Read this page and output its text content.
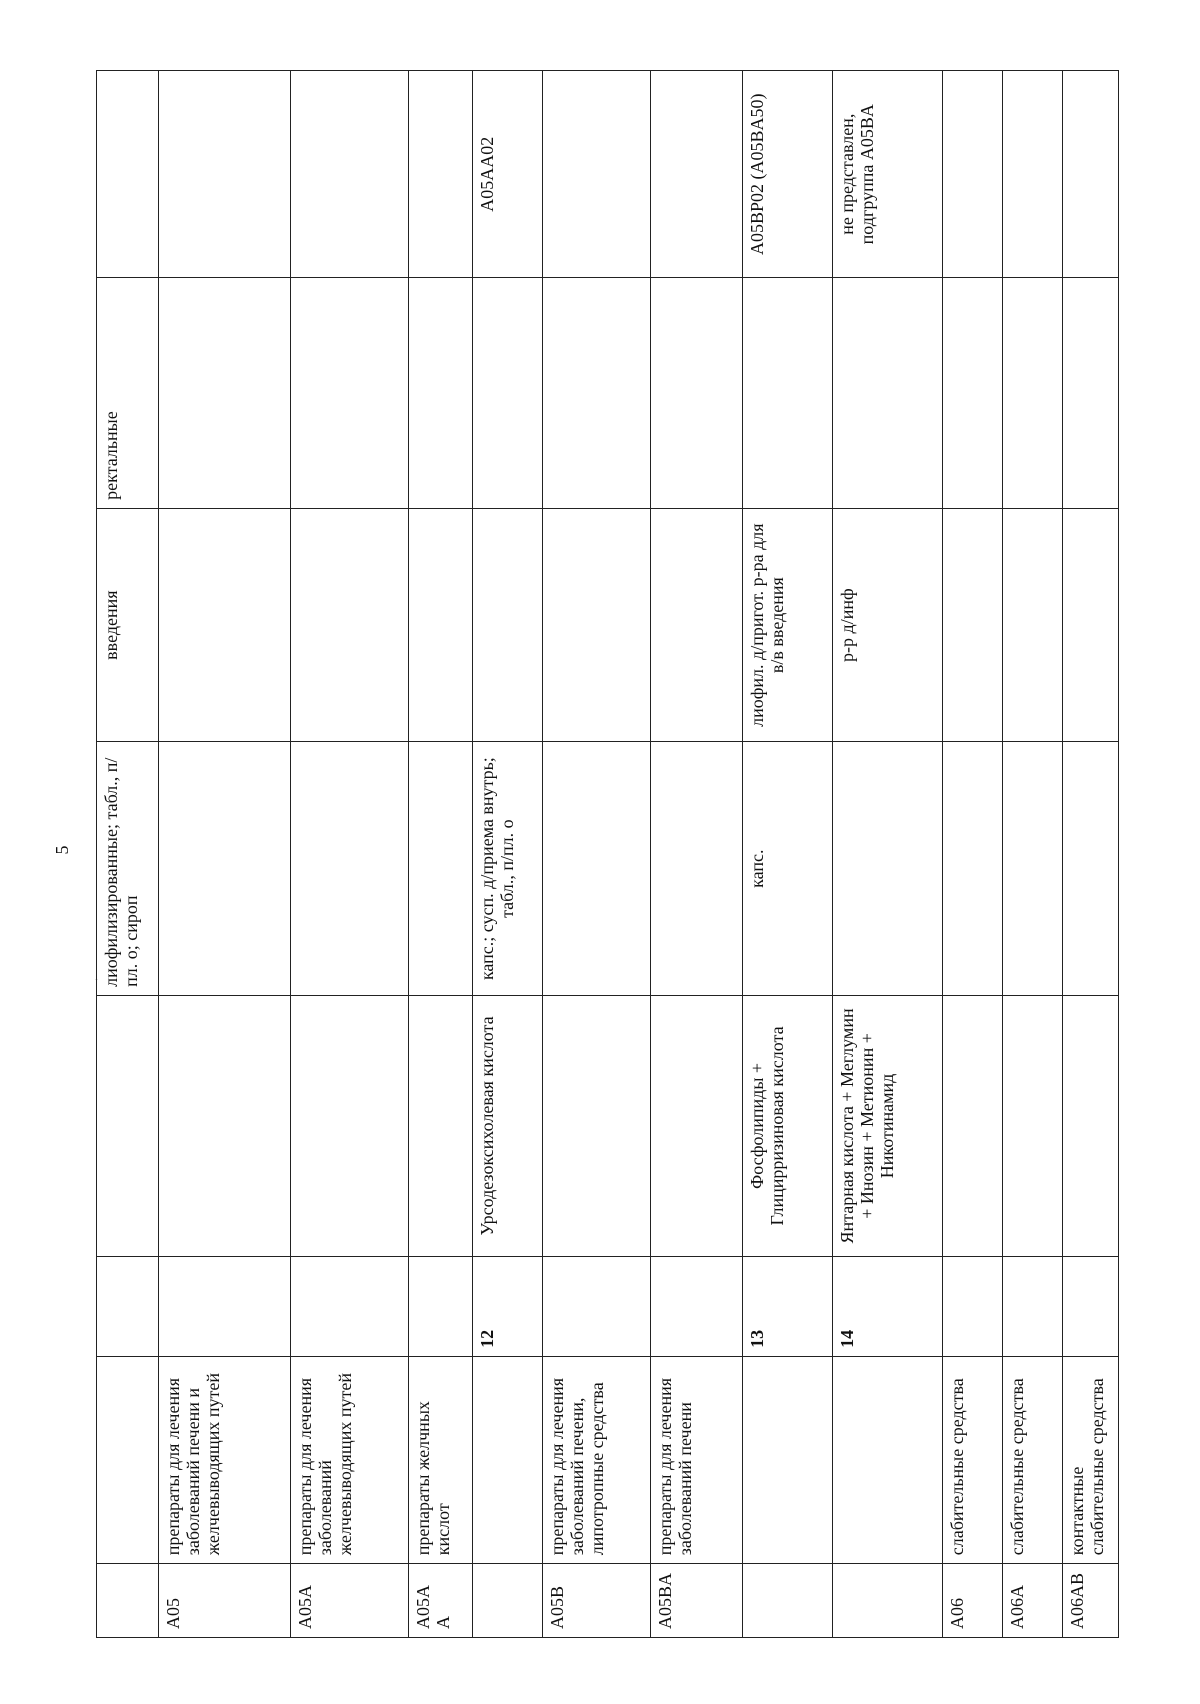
5
.
				лиофилизированные; табл., п/пл. о; сироп	введения	ректальные	
A05	препараты для лечения заболеваний печени и желчевыводящих путей						
A05A	препараты для лечения заболеваний желчевыводящих путей						
A05AA	препараты желчных кислот						
		12	Урсодезоксихолевая кислота	капс.; сусп. д/приема внутрь; табл., п/пл. о			A05AA02
A05B	препараты для лечения заболеваний печени, липотропные средства						
A05BA	препараты для лечения заболеваний печени						
		13	Фосфолипиды + Глицирризиновая кислота	капс.	лиофил. д/пригот. р-ра для в/в введения		A05BP02 (A05BA50)
		14	Янтарная кислота + Меглумин + Инозин + Метионин + Никотинамид		р-р д/инф		не представлен, подгруппа A05BA
A06	слабительные средства						
A06A	слабительные средства						
A06AB	контактные слабительные средства						
